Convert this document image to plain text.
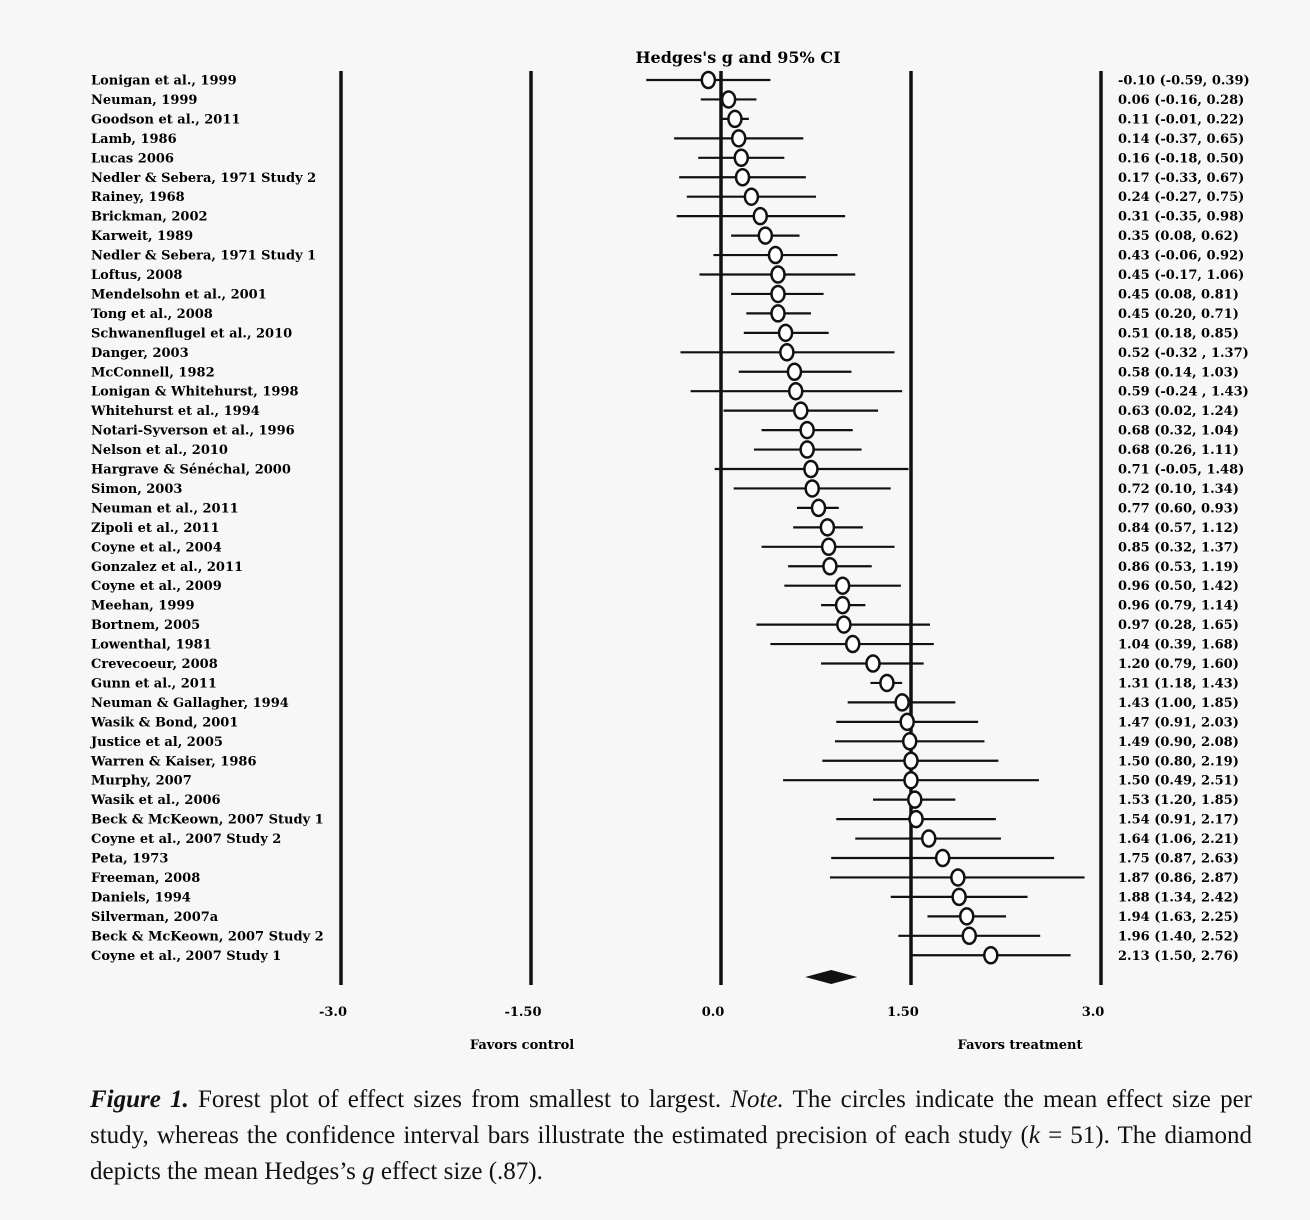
Hedges's g and 95% CI
-3.0	-1.50	0.0	1.50	3.0
Favors control	Favors treatment
Lonigan et al., 1999	-0.10 (-0.59, 0.39)
Neuman, 1999	0.06 (-0.16, 0.28)
Goodson et al., 2011	0.11 (-0.01, 0.22)
Lamb, 1986	0.14 (-0.37, 0.65)
Lucas 2006	0.16 (-0.18, 0.50)
Nedler & Sebera, 1971 Study 2	0.17 (-0.33, 0.67)
Rainey, 1968	0.24 (-0.27, 0.75)
Brickman, 2002	0.31 (-0.35, 0.98)
Karweit, 1989	0.35 (0.08, 0.62)
Nedler & Sebera, 1971 Study 1	0.43 (-0.06, 0.92)
Loftus, 2008	0.45 (-0.17, 1.06)
Mendelsohn et al., 2001	0.45 (0.08, 0.81)
Tong et al., 2008	0.45 (0.20, 0.71)
Schwanenflugel et al., 2010	0.51 (0.18, 0.85)
Danger, 2003	0.52 (-0.32 , 1.37)
McConnell, 1982	0.58 (0.14, 1.03)
Lonigan & Whitehurst, 1998	0.59 (-0.24 , 1.43)
Whitehurst et al., 1994	0.63 (0.02, 1.24)
Notari-Syverson et al., 1996	0.68 (0.32, 1.04)
Nelson et al., 2010	0.68 (0.26, 1.11)
Hargrave & Sénéchal, 2000	0.71 (-0.05, 1.48)
Simon, 2003	0.72 (0.10, 1.34)
Neuman et al., 2011	0.77 (0.60, 0.93)
Zipoli et al., 2011	0.84 (0.57, 1.12)
Coyne et al., 2004	0.85 (0.32, 1.37)
Gonzalez et al., 2011	0.86 (0.53, 1.19)
Coyne et al., 2009	0.96 (0.50, 1.42)
Meehan, 1999	0.96 (0.79, 1.14)
Bortnem, 2005	0.97 (0.28, 1.65)
Lowenthal, 1981	1.04 (0.39, 1.68)
Crevecoeur, 2008	1.20 (0.79, 1.60)
Gunn et al., 2011	1.31 (1.18, 1.43)
Neuman & Gallagher, 1994	1.43 (1.00, 1.85)
Wasik & Bond, 2001	1.47 (0.91, 2.03)
Justice et al, 2005	1.49 (0.90, 2.08)
Warren & Kaiser, 1986	1.50 (0.80, 2.19)
Murphy, 2007	1.50 (0.49, 2.51)
Wasik et al., 2006	1.53 (1.20, 1.85)
Beck & McKeown, 2007 Study 1	1.54 (0.91, 2.17)
Coyne et al., 2007 Study 2	1.64 (1.06, 2.21)
Peta, 1973	1.75 (0.87, 2.63)
Freeman, 2008	1.87 (0.86, 2.87)
Daniels, 1994	1.88 (1.34, 2.42)
Silverman, 2007a	1.94 (1.63, 2.25)
Beck & McKeown, 2007 Study 2	1.96 (1.40, 2.52)
Coyne et al., 2007 Study 1	2.13 (1.50, 2.76)
Figure 1. Forest plot of effect sizes from smallest to largest. Note. The circles indicate the mean effect size per study, whereas the confidence interval bars illustrate the estimated precision of each study (k = 51). The diamond depicts the mean Hedges’s g effect size (.87).
